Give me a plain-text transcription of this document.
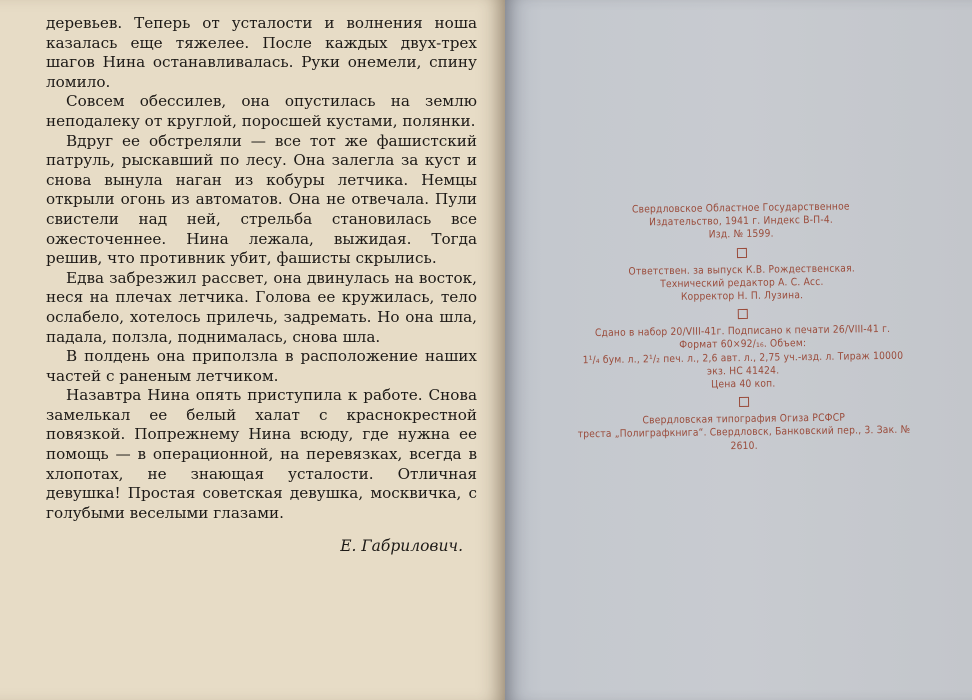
деревьев. Теперь от усталости и волнения ноша казалась еще тяжелее. После каждых двух-трех шагов Нина останавливалась. Руки онемели, спину ломило.

Совсем обессилев, она опустилась на землю неподалеку от круглой, поросшей кустами, полянки.

Вдруг ее обстреляли — все тот же фашистский патруль, рыскавший по лесу. Она залегла за куст и снова вынула наган из кобуры летчика. Немцы открыли огонь из автоматов. Она не отвечала. Пули свистели над ней, стрельба становилась все ожесточеннее. Нина лежала, выжидая. Тогда решив, что противник убит, фашисты скрылись.

Едва забрезжил рассвет, она двинулась на восток, неся на плечах летчика. Голова ее кружилась, тело ослабело, хотелось прилечь, задремать. Но она шла, падала, ползла, поднималась, снова шла.

В полдень она приползла в расположение наших частей с раненым летчиком.

Назавтра Нина опять приступила к работе. Снова замелькал ее белый халат с краснокрестной повязкой. Попрежнему Нина всюду, где нужна ее помощь — в операционной, на перевязках, всегда в хлопотах, не знающая усталости. Отличная девушка! Простая советская девушка, москвичка, с голубыми веселыми глазами.

Е. Габрилович.
Свердловское Областное Государственное
Издательство, 1941 г. Индекс В-П-4.
Изд. № 1599.
Ответствен. за выпуск К.В. Рождественская.
Технический редактор А. С. Асс.
Корректор Н. П. Лузина.
Сдано в набор 20/VIII-41г. Подписано к печати 26/VIII-41 г. Формат 60×92/₁₆. Объем:
1¹/₄ бум. л., 2¹/₂ печ. л., 2,6 авт. л., 2,75 уч.-изд. л. Тираж 10000 экз. НС 41424.
Цена 40 коп.
Свердловская типография Огиза РСФСР
треста „Полиграфкнига“. Свердловск, Банковский пер., 3. Зак. № 2610.
